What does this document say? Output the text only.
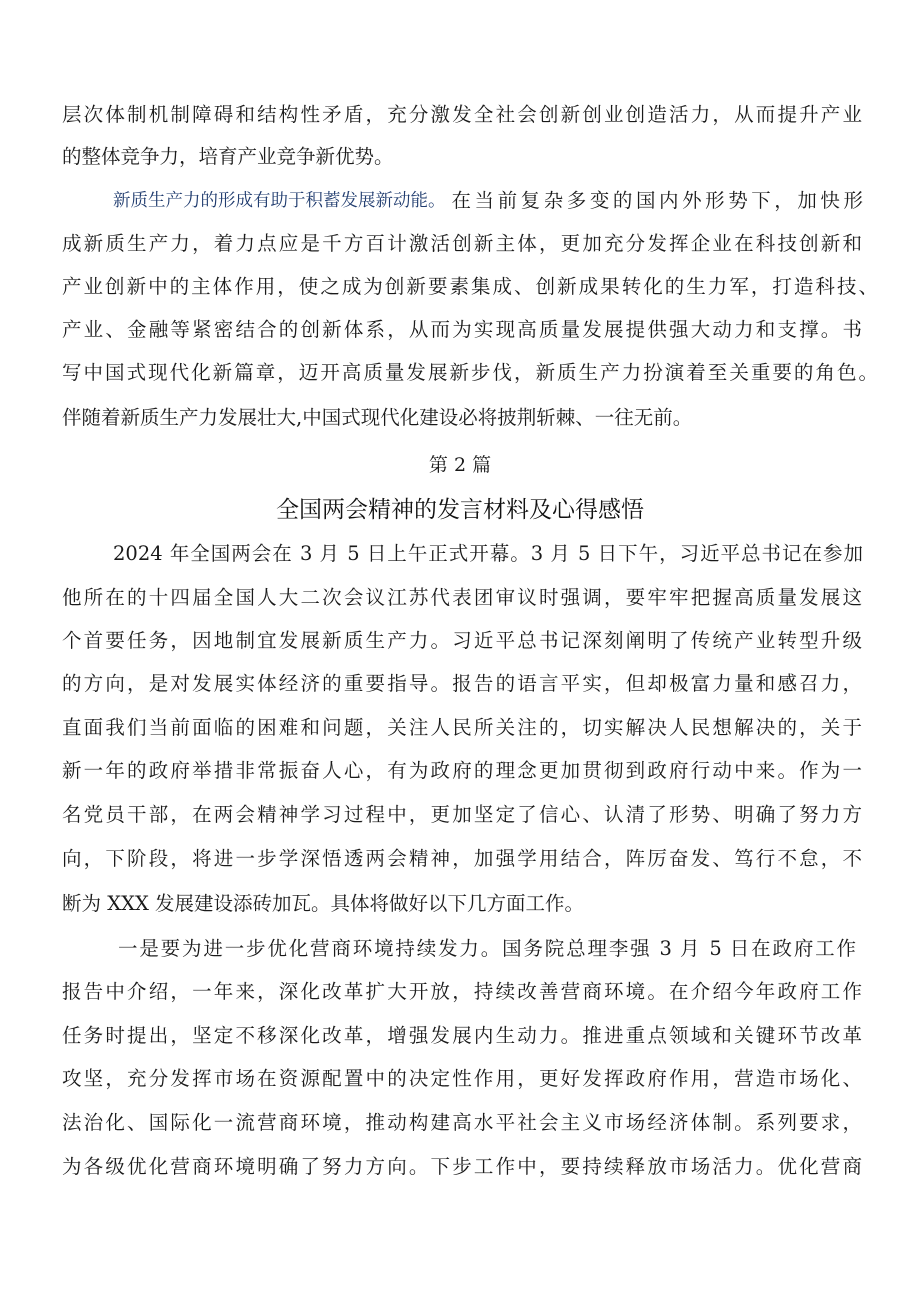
层次体制机制障碍和结构性矛盾，充分激发全社会创新创业创造活力，从而提升产业
的整体竞争力，培育产业竞争新优势。
新质生产力的形成有助于积蓄发展新动能。 在当前复杂多变的国内外形势下，加快形
成新质生产力，着力点应是千方百计激活创新主体，更加充分发挥企业在科技创新和
产业创新中的主体作用，使之成为创新要素集成、创新成果转化的生力军，打造科技、
产业、金融等紧密结合的创新体系，从而为实现高质量发展提供强大动力和支撑。书
写中国式现代化新篇章，迈开高质量发展新步伐，新质生产力扮演着至关重要的角色。
伴随着新质生产力发展壮大,中国式现代化建设必将披荆斩棘、一往无前。
第 2 篇
全国两会精神的发言材料及心得感悟
2024 年全国两会在 3 月 5 日上午正式开幕。3 月 5 日下午，习近平总书记在参加
他所在的十四届全国人大二次会议江苏代表团审议时强调，要牢牢把握高质量发展这
个首要任务，因地制宜发展新质生产力。习近平总书记深刻阐明了传统产业转型升级
的方向，是对发展实体经济的重要指导。报告的语言平实，但却极富力量和感召力，
直面我们当前面临的困难和问题，关注人民所关注的，切实解决人民想解决的，关于
新一年的政府举措非常振奋人心，有为政府的理念更加贯彻到政府行动中来。作为一
名党员干部，在两会精神学习过程中，更加坚定了信心、认清了形势、明确了努力方
向，下阶段，将进一步学深悟透两会精神，加强学用结合，阵厉奋发、笃行不怠，不
断为 XXX 发展建设添砖加瓦。具体将做好以下几方面工作。
一是要为进一步优化营商环境持续发力。国务院总理李强 3 月 5 日在政府工作
报告中介绍，一年来，深化改革扩大开放，持续改善营商环境。在介绍今年政府工作
任务时提出，坚定不移深化改革，增强发展内生动力。推进重点领域和关键环节改革
攻坚，充分发挥市场在资源配置中的决定性作用，更好发挥政府作用，营造市场化、
法治化、国际化一流营商环境，推动构建高水平社会主义市场经济体制。系列要求，
为各级优化营商环境明确了努力方向。下步工作中，要持续释放市场活力。优化营商
